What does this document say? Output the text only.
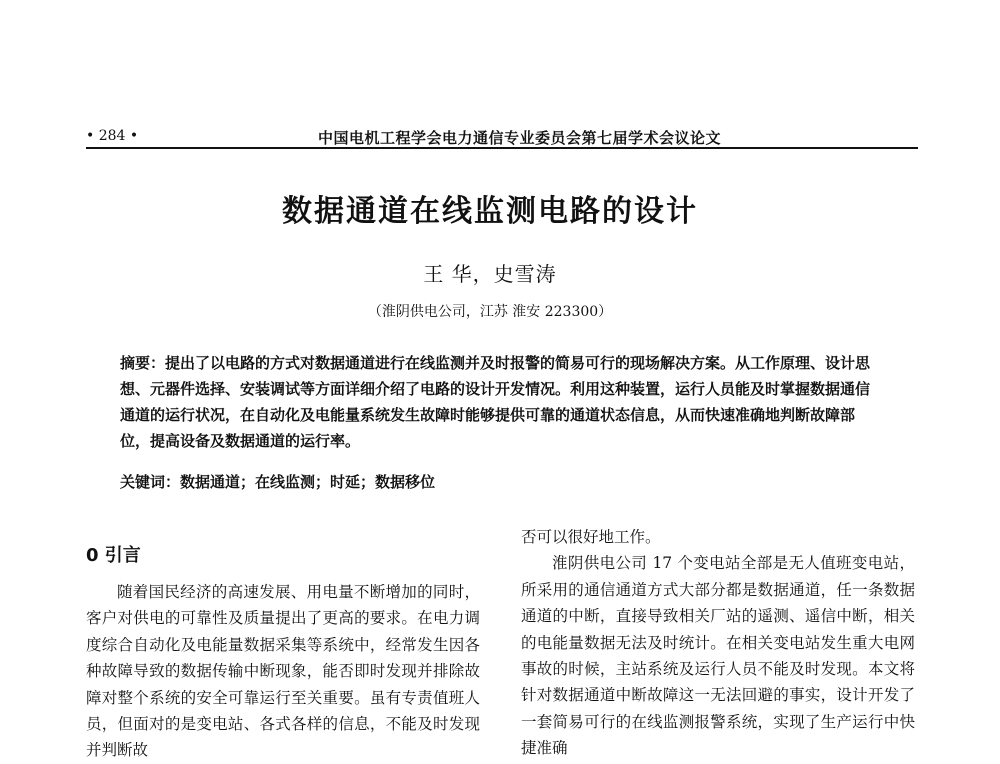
• 284 •	中国电机工程学会电力通信专业委员会第七届学术会议论文
数据通道在线监测电路的设计
王 华，史雪涛
（淮阴供电公司，江苏 淮安 223300）
摘要：提出了以电路的方式对数据通道进行在线监测并及时报警的简易可行的现场解决方案。从工作原理、设计思想、元器件选择、安装调试等方面详细介绍了电路的设计开发情况。利用这种装置，运行人员能及时掌握数据通信通道的运行状况，在自动化及电能量系统发生故障时能够提供可靠的通道状态信息，从而快速准确地判断故障部位，提高设备及数据通道的运行率。
关键词：数据通道；在线监测；时延；数据移位
0 引言

随着国民经济的高速发展、用电量不断增加的同时，客户对供电的可靠性及质量提出了更高的要求。在电力调度综合自动化及电能量数据采集等系统中，经常发生因各种故障导致的数据传输中断现象，能否即时发现并排除故障对整个系统的安全可靠运行至关重要。虽有专责值班人员，但面对的是变电站、各式各样的信息，不能及时发现并判断故

否可以很好地工作。

淮阴供电公司 17 个变电站全部是无人值班变电站，所采用的通信通道方式大部分都是数据通道，任一条数据通道的中断，直接导致相关厂站的遥测、遥信中断，相关的电能量数据无法及时统计。在相关变电站发生重大电网事故的时候，主站系统及运行人员不能及时发现。本文将针对数据通道中断故障这一无法回避的事实，设计开发了一套简易可行的在线监测报警系统，实现了生产运行中快捷准确
